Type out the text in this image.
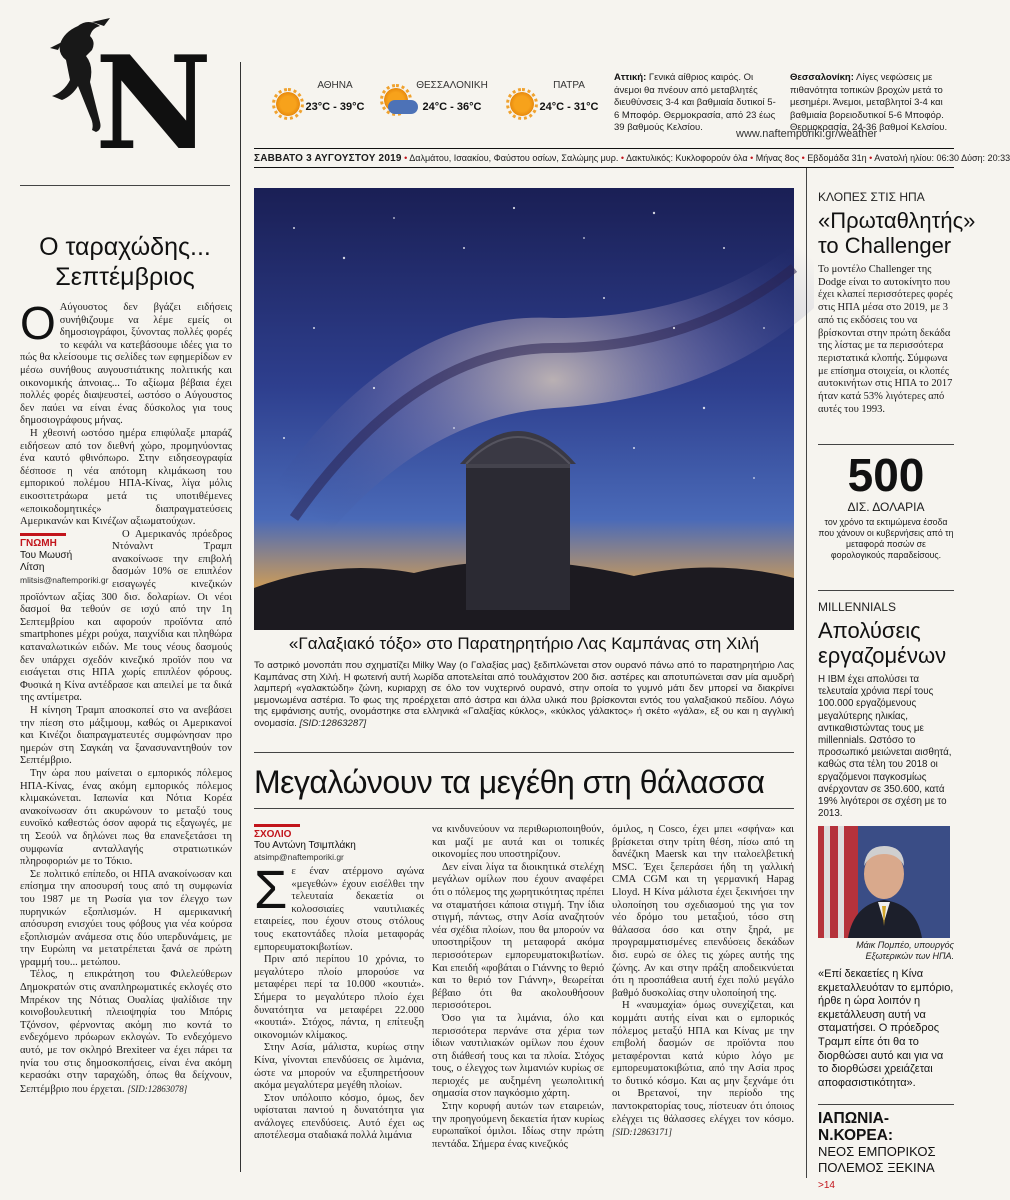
N	ΑΘΗΝΑ
23°C - 39°C
ΘΕΣΣΑΛΟΝΙΚΗ
24°C - 36°C
ΠΑΤΡΑ
24°C - 31°C
Αττική: Γενικά αίθριος καιρός. Οι άνεμοι θα πνέουν από μεταβλητές διευθύνσεις 3-4 και βαθμιαία δυτικοί 5-6 Μποφόρ. Θερμοκρασία, από 23 έως 39 βαθμούς Κελσίου.
Θεσσαλονίκη: Λίγες νεφώσεις με πιθανότητα τοπικών βροχών μετά το μεσημέρι. Άνεμοι, μεταβλητοί 3-4 και βαθμιαία βορειοδυτικοί 5-6 Μποφόρ. Θερμοκρασία, 24-36 βαθμοί Κελσίου.
www.naftemporiki.gr/weather
ΣΑΒΒΑΤΟ 3 ΑΥΓΟΥΣΤΟΥ 2019 • Δαλμάτου, Ισαακίου, Φαύστου οσίων, Σαλώμης μυρ. • Δακτυλικός: Κυκλοφορούν όλα • Μήνας 8ος • Εβδομάδα 31η • Ανατολή ηλίου: 06:30 Δύση: 20:33
Ο ταραχώδης...
Σεπτέμβριος

Ο Αύγουστος δεν βγάζει ειδήσεις συνήθιζουμε να λέμε εμείς οι δημοσιογράφοι, ξύνοντας πολλές φορές το κεφάλι να κατεβάσουμε ιδέες για το πώς θα κλείσουμε τις σελίδες των εφημερίδων εν μέσω συνήθους αυγουστιάτικης πολιτικής και οικονομικής άπνοιας... Το αξίωμα βέβαια έχει πολλές φορές διαψευστεί, ωστόσο ο Αύγουστος δεν παύει να είναι ένας δύσκολος για τους δημοσιογράφους μήνας.

Η χθεσινή ωστόσο ημέρα επιφύλαξε μπαράζ ειδήσεων από τον διεθνή χώρο, προμηνύοντας ένα καυτό φθινόπωρο. Στην ειδησεογραφία δέσποσε η νέα απότομη κλιμάκωση του εμπορικού πολέμου ΗΠΑ-Κίνας, λίγα μόλις εικοσιτετράωρα μετά τις υποτιθέμενες «εποικοδομητικές» διαπραγματεύσεις Αμερικανών και Κινέζων αξιωματούχων.

ΓΝΩΜΗ
Του Μωυσή
Λίτση
mlitsis@naftemporiki.gr

Ο Αμερικανός πρόεδρος Ντόναλντ Τραμπ ανακοίνωσε την επιβολή δασμών 10% σε επιπλέον εισαγωγές κινεζικών προϊόντων αξίας 300 δισ. δολαρίων. Οι νέοι δασμοί θα τεθούν σε ισχύ από την 1η Σεπτεμβρίου και αφορούν προϊόντα από smartphones μέχρι ρούχα, παιχνίδια και πληθώρα καταναλωτικών ειδών. Με τους νέους δασμούς δεν υπάρχει σχεδόν κινεζικό προϊόν που να εισάγεται στις ΗΠΑ χωρίς επιπλέον φόρους. Φυσικά η Κίνα αντέδρασε και απειλεί με τα δικά της αντίμετρα.

Η κίνηση Τραμπ αποσκοπεί στο να ανεβάσει την πίεση στο μάξιμουμ, καθώς οι Αμερικανοί και Κινέζοι διαπραγματευτές συμφώνησαν προ ημερών στη Σαγκάη να ξανασυναντηθούν τον Σεπτέμβριο.

Την ώρα που μαίνεται ο εμπορικός πόλεμος ΗΠΑ-Κίνας, ένας ακόμη εμπορικός πόλεμος κλιμακώνεται. Ιαπωνία και Νότια Κορέα ανακοίνωσαν ότι ακυρώνουν το μεταξύ τους ευνοϊκό καθεστώς όσον αφορά τις εξαγωγές, με τη Σεούλ να δηλώνει πως θα επανεξετάσει τη συμφωνία ανταλλαγής στρατιωτικών πληροφοριών με το Τόκιο.

Σε πολιτικό επίπεδο, οι ΗΠΑ ανακοίνωσαν και επίσημα την αποσυρσή τους από τη συμφωνία του 1987 με τη Ρωσία για τον έλεγχο των πυρηνικών εξοπλισμών. Η αμερικανική απόσυρση ενισχύει τους φόβους για νέα κούρσα εξοπλισμών ανάμεσα στις δύο υπερδυνάμεις, με την Ευρώπη να μετατρέπεται ξανά σε πρώτη γραμμή του... μετώπου.

Τέλος, η επικράτηση του Φιλελεύθερων Δημοκρατών στις αναπληρωματικές εκλογές στο Μπρέκον της Νότιας Ουαλίας ψαλίδισε την κοινοβουλευτική πλειοψηφία του Μπόρις Τζόνσον, φέρνοντας ακόμη πιο κοντά το ενδεχόμενο πρόωρων εκλογών. Το ενδεχόμενο αυτό, με τον σκληρό Brexiteer να έχει πάρει τα ηνία του στις δημοσκοπήσεις, είναι ένα ακόμη κερασάκι στην ταραχώδη, όπως θα δείχνουν, Σεπτέμβριο που έρχεται. [SID:12863078]

«Γαλαξιακό τόξο» στο Παρατηρητήριο Λας Καμπάνας στη Χιλή
Το αστρικό μονοπάτι που σχηματίζει Milky Way (ο Γαλαξίας μας) ξεδιπλώνεται στον ουρανό πάνω από το παρατηρητήριο Λας Καμπάνας στη Χιλή. Η φωτεινή αυτή λωρίδα αποτελείται από τουλάχιστον 200 δισ. αστέρες και αποτυπώνεται σαν μία αμυδρή λαμπερή «γαλακτώδη» ζώνη, κυριαρχη σε όλο τον νυχτερινό ουρανό, στην οποία το γυμνό μάτι δεν μπορεί να διακρίνει μεμονωμένα αστέρια. Το φως της προέρχεται από άστρα και άλλα υλικά που βρίσκονται εντός του γαλαξιακού πεδίου. Λόγω της εμφάνισης αυτής, ονομάστηκε στα ελληνικά «Γαλαξίας κύκλος», «κύκλος γάλακτος» ή σκέτο «γάλα», εξ ου και η αγγλική ονομασία. [SID:12863287]
Μεγαλώνουν τα μεγέθη στη θάλασσα
ΣΧΟΛΙΟ
Του Αντώνη Τσιμπλάκη
atsimp@naftemporiki.gr

Σε έναν ατέρμονο αγώνα «μεγεθών» έχουν εισέλθει την τελευταία δεκαετία οι κολοσσιαίες ναυτιλιακές εταιρείες, που έχουν στους στόλους τους εκατοντάδες πλοία μεταφοράς εμπορευματοκιβωτίων.

Πριν από περίπου 10 χρόνια, το μεγαλύτερο πλοίο μπορούσε να μεταφέρει περί τα 10.000 «κουτιά». Σήμερα το μεγαλύτερο πλοίο έχει δυνατότητα να μεταφέρει 22.000 «κουτιά». Στόχος, πάντα, η επίτευξη οικονομιών κλίμακος.

Στην Ασία, μάλιστα, κυρίως στην Κίνα, γίνονται επενδύσεις σε λιμάνια, ώστε να μπορούν να εξυπηρετήσουν ακόμα μεγαλύτερα μεγέθη πλοίων.

Στον υπόλοιπο κόσμο, όμως, δεν υφίσταται παντού η δυνατότητα για ανάλογες επενδύσεις. Αυτό έχει ως αποτέλεσμα σταδιακά πολλά λιμάνια

να κινδυνεύουν να περιθωριοποιηθούν, και μαζί με αυτά και οι τοπικές οικονομίες που υποστηρίζουν.

Δεν είναι λίγα τα διοικητικά στελέχη μεγάλων ομίλων που έχουν αναφέρει ότι ο πόλεμος της χωρητικότητας πρέπει να σταματήσει κάποια στιγμή. Την ίδια στιγμή, πάντως, στην Ασία αναζητούν νέα σχέδια πλοίων, που θα μπορούν να υποστηρίξουν τη μεταφορά ακόμα περισσότερων εμπορευματοκιβωτίων. Και επειδή «φοβάται ο Γιάννης το θεριό και το θεριό τον Γιάννη», θεωρείται βέβαιο ότι θα ακολουθήσουν περισσότεροι.

Όσο για τα λιμάνια, όλο και περισσότερα περνάνε στα χέρια των ίδιων ναυτιλιακών ομίλων που έχουν στη διάθεσή τους και τα πλοία. Στόχος τους, ο έλεγχος των λιμανιών κυρίως σε περιοχές με αυξημένη γεωπολιτική σημασία στον παγκόσμιο χάρτη.

Στην κορυφή αυτών των εταιρειών, την προηγούμενη δεκαετία ήταν κυρίως ευρωπαϊκοί όμιλοι. Ιδίως στην πρώτη πεντάδα. Σήμερα ένας κινεζικός

όμιλος, η Cosco, έχει μπει «σφήνα» και βρίσκεται στην τρίτη θέση, πίσω από τη δανέζικη Maersk και την ιταλοελβετική MSC. Έχει ξεπεράσει ήδη τη γαλλική CMA CGM και τη γερμανική Hapag Lloyd. Η Κίνα μάλιστα έχει ξεκινήσει την υλοποίηση του σχεδιασμού της για τον νέο δρόμο του μεταξιού, τόσο στη θάλασσα όσο και στην ξηρά, με προγραμματισμένες επενδύσεις δεκάδων δισ. ευρώ σε όλες τις χώρες αυτής της ζώνης. Αν και στην πράξη αποδεικνύεται ότι η προσπάθεια αυτή έχει πολύ μεγάλο βαθμό δυσκολίας στην υλοποίησή της.

Η «ναυμαχία» όμως συνεχίζεται, και κομμάτι αυτής είναι και ο εμπορικός πόλεμος μεταξύ ΗΠΑ και Κίνας με την επιβολή δασμών σε προϊόντα που μεταφέρονται κατά κύριο λόγο με εμπορευματοκιβώτια, από την Ασία προς το δυτικό κόσμο. Και ας μην ξεχνάμε ότι οι Βρετανοί, την περίοδο της παντοκρατορίας τους, πίστευαν ότι όποιος ελέγχει τις θάλασσες ελέγχει τον κόσμο. [SID:12863171]

ΚΛΟΠΕΣ ΣΤΙΣ ΗΠΑ
«Πρωταθλητής»
το Challenger
Το μοντέλο Challenger της Dodge είναι το αυτοκίνητο που έχει κλαπεί περισσότερες φορές στις ΗΠΑ μέσα στο 2019, με 3 από τις εκδόσεις του να βρίσκονται στην πρώτη δεκάδα της λίστας με τα περισσότερα περιστατικά κλοπής. Σύμφωνα με επίσημα στοιχεία, οι κλοπές αυτοκινήτων στις ΗΠΑ το 2017 ήταν κατά 53% λιγότερες από αυτές του 1993.
500
ΔΙΣ. ΔΟΛΑΡΙΑ
τον χρόνο τα εκτιμώμενα έσοδα που χάνουν οι κυβερνήσεις από τη μεταφορά ποσών σε φορολογικούς παραδείσους.
MILLENNIALS
Απολύσεις
εργαζομένων
Η IBM έχει απολύσει τα τελευταία χρόνια περί τους 100.000 εργαζόμενους μεγαλύτερης ηλικίας, αντικαθιστώντας τους με millennials. Ωστόσο το προσωπικό μειώνεται αισθητά, καθώς στα τέλη του 2018 οι εργαζόμενοι παγκοσμίως ανέρχονταν σε 350.600, κατά 19% λιγότεροι σε σχέση με το 2013.
Μάικ Πομπέο, υπουργός Εξωτερικών των ΗΠΑ.
«Επί δεκαετίες η Κίνα εκμεταλλευόταν το εμπόριο, ήρθε η ώρα λοιπόν η εκμετάλλευση αυτή να σταματήσει. Ο πρόεδρος Τραμπ είπε ότι θα το διορθώσει αυτό και για να το διορθώσει χρειάζεται αποφασιστικότητα».
ΙΑΠΩΝΙΑ-Ν.ΚΟΡΕΑ:
ΝΕΟΣ ΕΜΠΟΡΙΚΟΣ
ΠΟΛΕΜΟΣ ΞΕΚΙΝΑ >14
